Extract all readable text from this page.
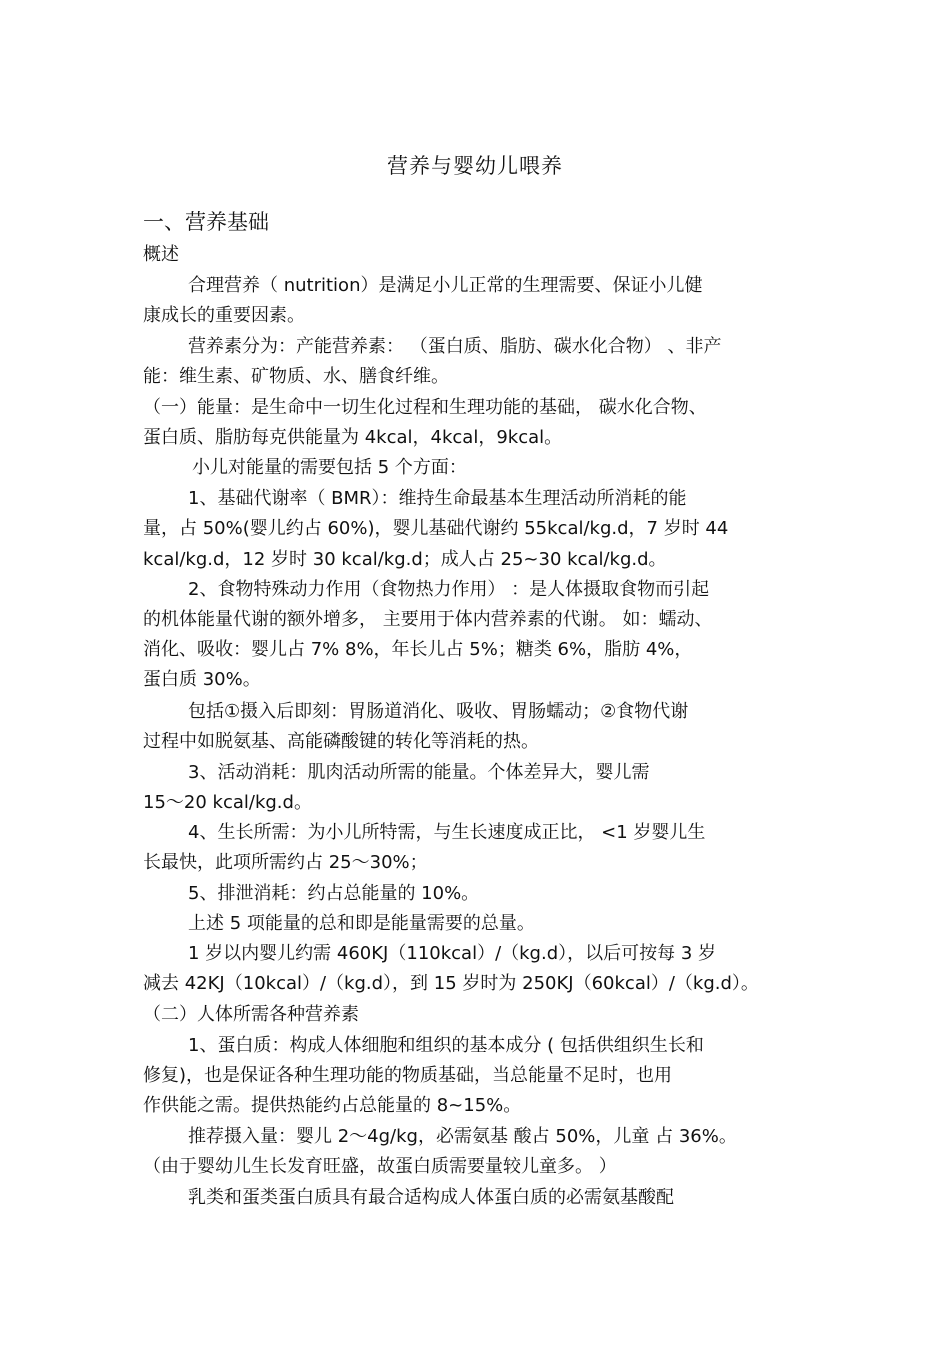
营养与婴幼儿喂养
一、营养基础
概述
合理营养（ nutrition）是满足小儿正常的生理需要、保证小儿健
康成长的重要因素。
营养素分为：产能营养素： （蛋白质、脂肪、碳水化合物） 、非产
能：维生素、矿物质、水、膳食纤维。
（一）能量：是生命中一切生化过程和生理功能的基础， 碳水化合物、
蛋白质、脂肪每克供能量为 4kcal，4kcal，9kcal。
小儿对能量的需要包括 5 个方面：
1、基础代谢率（ BMR）：维持生命最基本生理活动所消耗的能
量，占 50%(婴儿约占 60%)，婴儿基础代谢约 55kcal/kg.d，7 岁时 44
kcal/kg.d，12 岁时 30 kcal/kg.d；成人占 25~30 kcal/kg.d。
2、食物特殊动力作用（食物热力作用） ：是人体摄取食物而引起
的机体能量代谢的额外增多， 主要用于体内营养素的代谢。 如：蠕动、
消化、吸收：婴儿占 7% 8%，年长儿占 5%；糖类 6%，脂肪 4%，
蛋白质 30%。
包括①摄入后即刻：胃肠道消化、吸收、胃肠蠕动；②食物代谢
过程中如脱氨基、高能磷酸键的转化等消耗的热。
3、活动消耗：肌肉活动所需的能量。个体差异大，婴儿需
15～20 kcal/kg.d。
4、生长所需：为小儿所特需，与生长速度成正比， <1 岁婴儿生
长最快，此项所需约占 25～30%；
5、排泄消耗：约占总能量的 10%。
上述 5 项能量的总和即是能量需要的总量。
1 岁以内婴儿约需 460KJ（110kcal）/（kg.d），以后可按每 3 岁
减去 42KJ（10kcal）/（kg.d），到 15 岁时为 250KJ（60kcal）/（kg.d）。
（二）人体所需各种营养素
1、蛋白质：构成人体细胞和组织的基本成分 ( 包括供组织生长和
修复)，也是保证各种生理功能的物质基础，当总能量不足时，也用
作供能之需。提供热能约占总能量的 8~15%。
推荐摄入量：婴儿 2～4g/kg，必需氨基 酸占 50%，儿童 占 36%。
（由于婴幼儿生长发育旺盛，故蛋白质需要量较儿童多。 ）
乳类和蛋类蛋白质具有最合适构成人体蛋白质的必需氨基酸配
